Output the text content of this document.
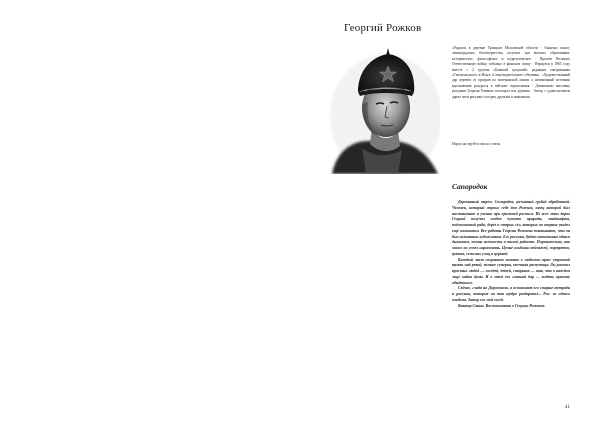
Георгий Рожков
«Родился в деревне Троицкое Московской области · Окончил школу ленинградских боготворчества, получил три высших образования: историческое, философское и педагогическое · Прошёл Великую Отечественную войну, побывал в финском плену · Вернулся в 1965 году вместе с 2 группы «Бывший градский» редакции ежедневника «Гисовольского» в Ильге «Сопроводительное» обучения · «Художественный дар перевёл от предков по материнской линии, а неизменный источник вдохновения рождался в пейзаже подмосковья · Домашнюю выставку рисунков Георгия Рожкова посещала вся деревня · Автор с удовольствием дарил свои рисунки соседям, друзьям и знакомым»
Играл на трубе и писал стихи.
Сапородок

Деревянный терем. Самородок, разъятый грубой обработкой. Человек, который строил себе дом Рожков, отец которой был наставником и ученик при храмовой росписи. Из всех этих даров Георгий получил особое чувство природы, ландшафта, подмосковной ряби, берёз и старых сёл, которые он впервые увидел ещё мальчиком. Все работы Георгия Рожкова показывают, что он был истинным художником. Его рисунки, будто написанные одним дыханием, полны нежности и тихой радости. Поразительно, как много он успел нарисовать. Целые альбомы пейзажей, портретов, цветов, сельских улиц и церквей.

Каждый лист сохраняет память о любимом крае: утренний туман над рекой, зимние сумерки, весенняя распутица. Он рисовал простых людей — соседей, детей, стариков — так, что в каждом лице видна душа. И в этом его главный дар — видеть красоту обыденного.

Сейчас, глядя на Дорожкова, я вспоминаю его старые тетради и рисунки, которые он так щедро раздаривал... Рис. из одного альбома. Автор его мой сосед.

Виктор Санин. Воспоминания о Георгии Рожкове.

41
